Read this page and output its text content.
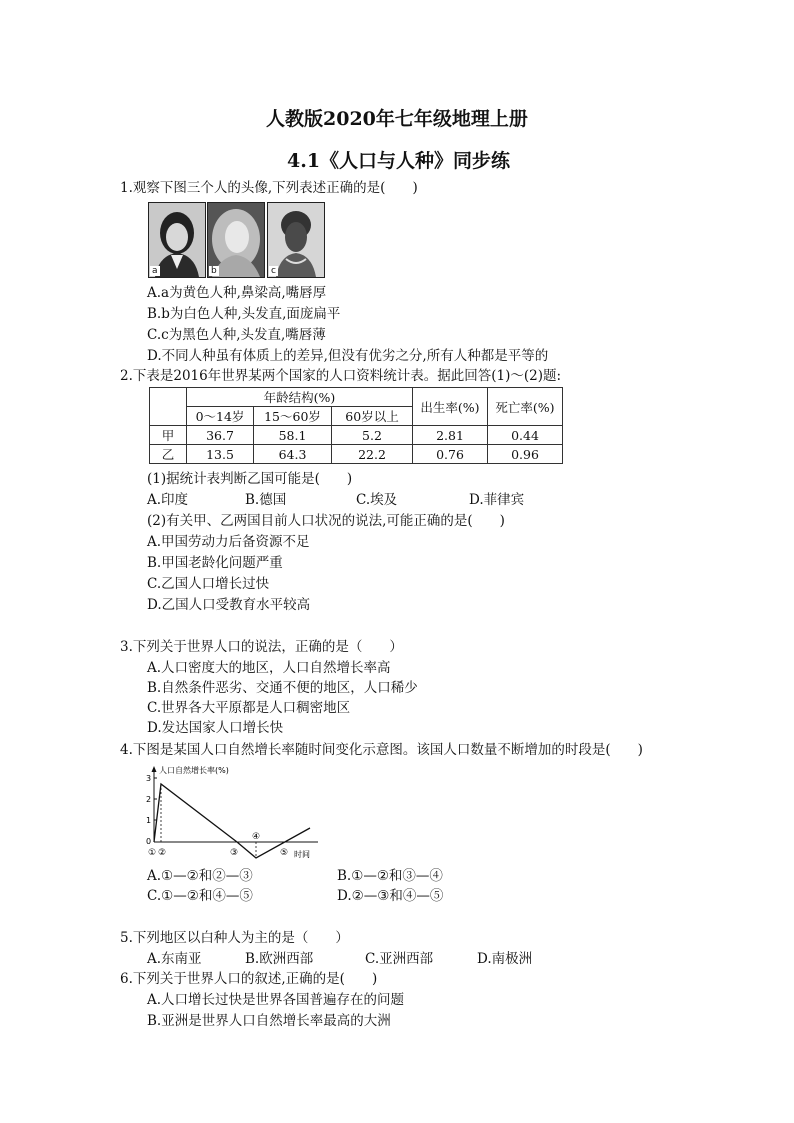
人教版2020年七年级地理上册
4.1《人口与人种》同步练
1.观察下图三个人的头像,下列表述正确的是(　　)
a	b	c
A.a为黄色人种,鼻梁高,嘴唇厚
B.b为白色人种,头发直,面庞扁平
C.c为黑色人种,头发直,嘴唇薄
D.不同人种虽有体质上的差异,但没有优劣之分,所有人种都是平等的
2.下表是2016年世界某两个国家的人口资料统计表。据此回答(1)～(2)题:
	年龄结构(%)			出生率(%)	死亡率(%)
	0～14岁	15～60岁	60岁以上		
甲	36.7	58.1	5.2	2.81	0.44
乙	13.5	64.3	22.2	0.76	0.96
(1)据统计表判断乙国可能是(　　)
A.印度	B.德国	C.埃及	D.菲律宾
(2)有关甲、乙两国目前人口状况的说法,可能正确的是(　　)
A.甲国劳动力后备资源不足
B.甲国老龄化问题严重
C.乙国人口增长过快
D.乙国人口受教育水平较高
3.下列关于世界人口的说法，正确的是（　　）
A.人口密度大的地区，人口自然增长率高
B.自然条件恶劣、交通不便的地区，人口稀少
C.世界各大平原都是人口稠密地区
D.发达国家人口增长快
4.下图是某国人口自然增长率随时间变化示意图。该国人口数量不断增加的时段是(　　)
人口自然增长率(%)
3
2
1
0
① ②	③
④
⑤ 时间
A.①—②和②—③	B.①—②和③—④
C.①—②和④—⑤	D.②—③和④—⑤
5.下列地区以白种人为主的是（　　）
A.东南亚	B.欧洲西部	C.亚洲西部	D.南极洲
6.下列关于世界人口的叙述,正确的是(　　)
A.人口增长过快是世界各国普遍存在的问题
B.亚洲是世界人口自然增长率最高的大洲
